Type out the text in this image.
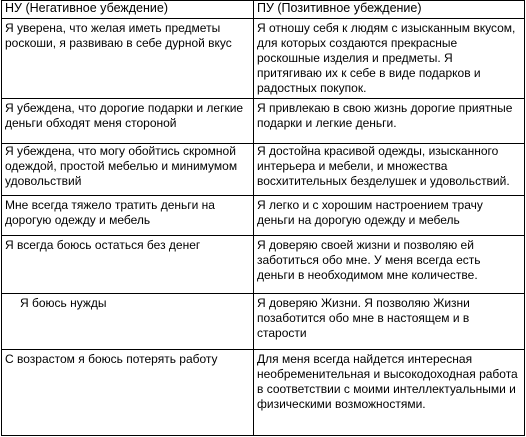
НУ (Негативное убеждение)	ПУ (Позитивное убеждение)
Я уверена, что желая иметь предметы роскоши, я развиваю в себе дурной вкус	Я отношу себя к людям с изысканным вкусом, для которых создаются прекрасные роскошные изделия и предметы. Я притягиваю их к себе в виде подарков и радостных покупок.
Я убеждена, что дорогие подарки и легкие деньги обходят меня стороной	Я привлекаю в свою жизнь дорогие приятные подарки и легкие деньги.
Я убеждена, что могу обойтись скромной одеждой, простой мебелью и минимумом удовольствий	Я достойна красивой одежды, изысканного интерьера и мебели, и множества восхитительных безделушек и удовольствий.
Мне всегда тяжело тратить деньги на дорогую одежду и мебель	Я легко и с хорошим настроением трачу деньги на дорогую одежду и мебель
Я всегда боюсь остаться без денег	Я доверяю своей жизни и позволяю ей заботиться обо мне. У меня всегда есть деньги в необходимом мне количестве.
Я боюсь нужды	Я доверяю Жизни. Я позволяю Жизни позаботится обо мне в настоящем и в старости
С возрастом я боюсь потерять работу	Для меня всегда найдется интересная необременительная и высокодоходная работа в соответствии с моими интеллектуальными и физическими возможностями.
